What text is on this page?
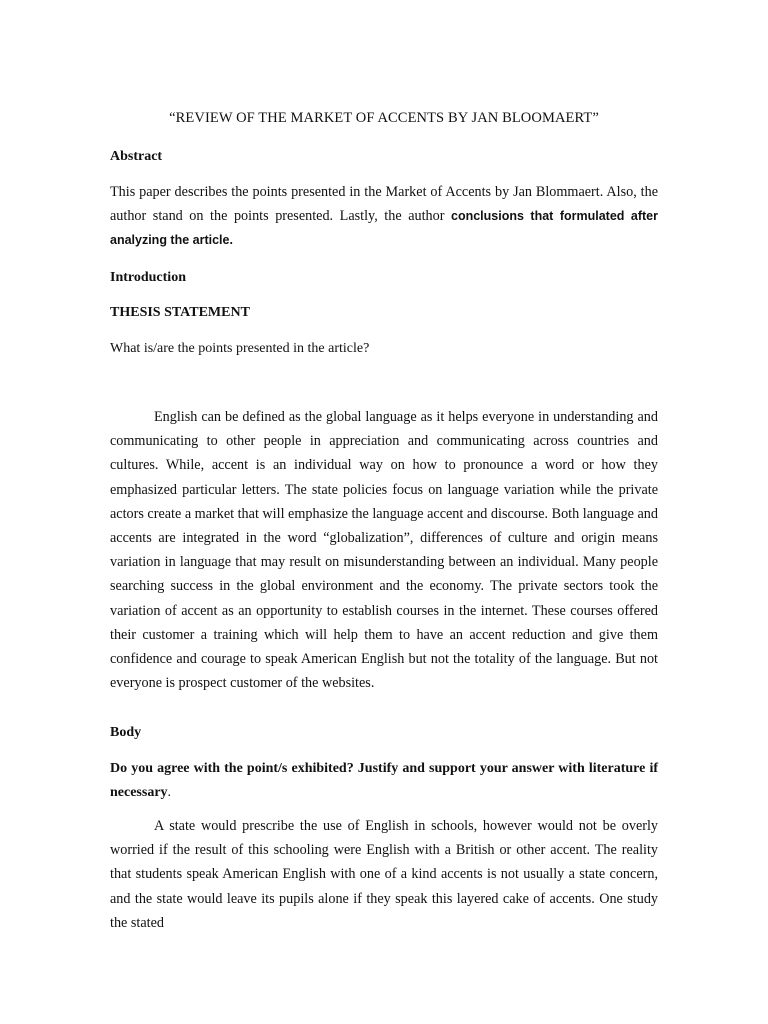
“REVIEW OF THE MARKET OF ACCENTS BY JAN BLOOMAERT”
Abstract

This paper describes the points presented in the Market of Accents by Jan Blommaert. Also, the author stand on the points presented. Lastly, the author conclusions that formulated after analyzing the article.

Introduction
THESIS STATEMENT
What is/are the points presented in the article?

English can be defined as the global language as it helps everyone in understanding and communicating to other people in appreciation and communicating across countries and cultures. While, accent is an individual way on how to pronounce a word or how they emphasized particular letters. The state policies focus on language variation while the private actors create a market that will emphasize the language accent and discourse. Both language and accents are integrated in the word “globalization”, differences of culture and origin means variation in language that may result on misunderstanding between an individual. Many people searching success in the global environment and the economy. The private sectors took the variation of accent as an opportunity to establish courses in the internet. These courses offered their customer a training which will help them to have an accent reduction and give them confidence and courage to speak American English but not the totality of the language. But not everyone is prospect customer of the websites.

Body

Do you agree with the point/s exhibited? Justify and support your answer with literature if necessary.

A state would prescribe the use of English in schools, however would not be overly worried if the result of this schooling were English with a British or other accent. The reality that students speak American English with one of a kind accents is not usually a state concern, and the state would leave its pupils alone if they speak this layered cake of accents. One study the stated
